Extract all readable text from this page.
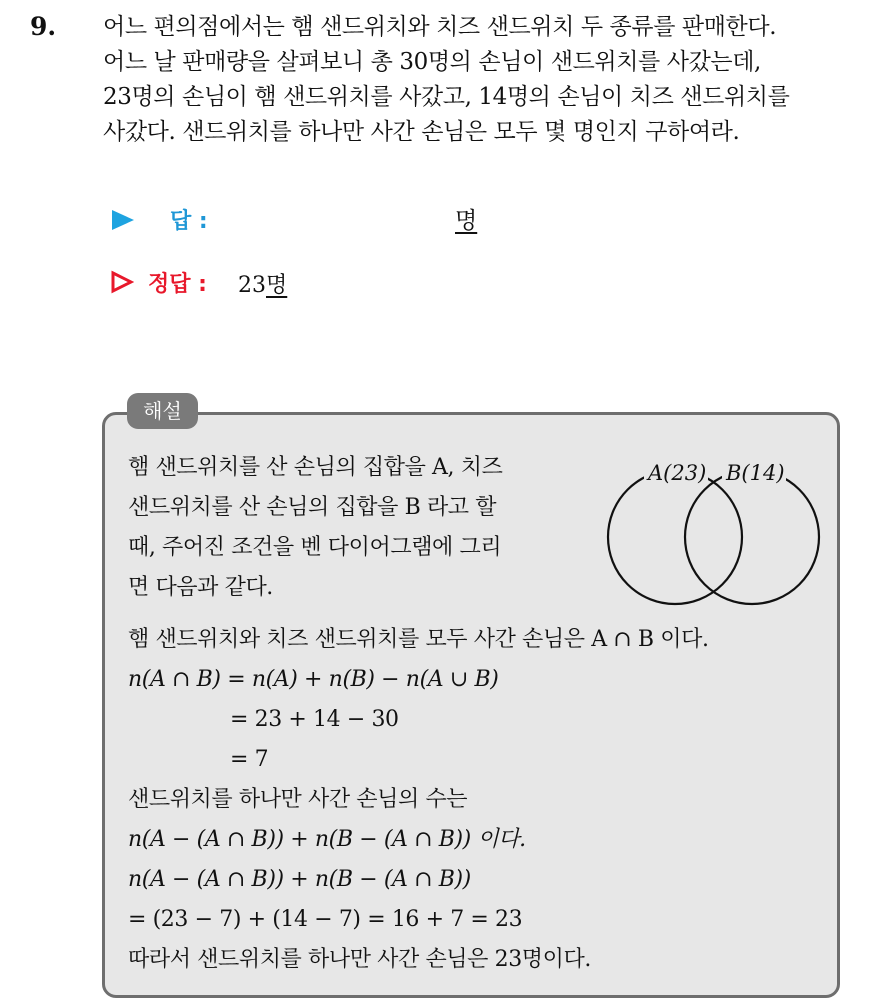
9. 어느 편의점에서는 햄 샌드위치와 치즈 샌드위치 두 종류를 판매한다.
어느 날 판매량을 살펴보니 총 30명의 손님이 샌드위치를 사갔는데,
23명의 손님이 햄 샌드위치를 사갔고, 14명의 손님이 치즈 샌드위치를
사갔다. 샌드위치를 하나만 사간 손님은 모두 몇 명인지 구하여라.
답 :	명
정답 : 23명
해설
햄 샌드위치를 산 손님의 집합을 A, 치즈
샌드위치를 산 손님의 집합을 B 라고 할
때, 주어진 조건을 벤 다이어그램에 그리
면 다음과 같다.
A(23) B(14)
햄 샌드위치와 치즈 샌드위치를 모두 사간 손님은 A ∩ B 이다.
n(A ∩ B) = n(A) + n(B) − n(A ∪ B)
= 23 + 14 − 30
= 7
샌드위치를 하나만 사간 손님의 수는
n(A − (A ∩ B)) + n(B − (A ∩ B)) 이다.
n(A − (A ∩ B)) + n(B − (A ∩ B))
= (23 − 7) + (14 − 7) = 16 + 7 = 23
따라서 샌드위치를 하나만 사간 손님은 23명이다.
